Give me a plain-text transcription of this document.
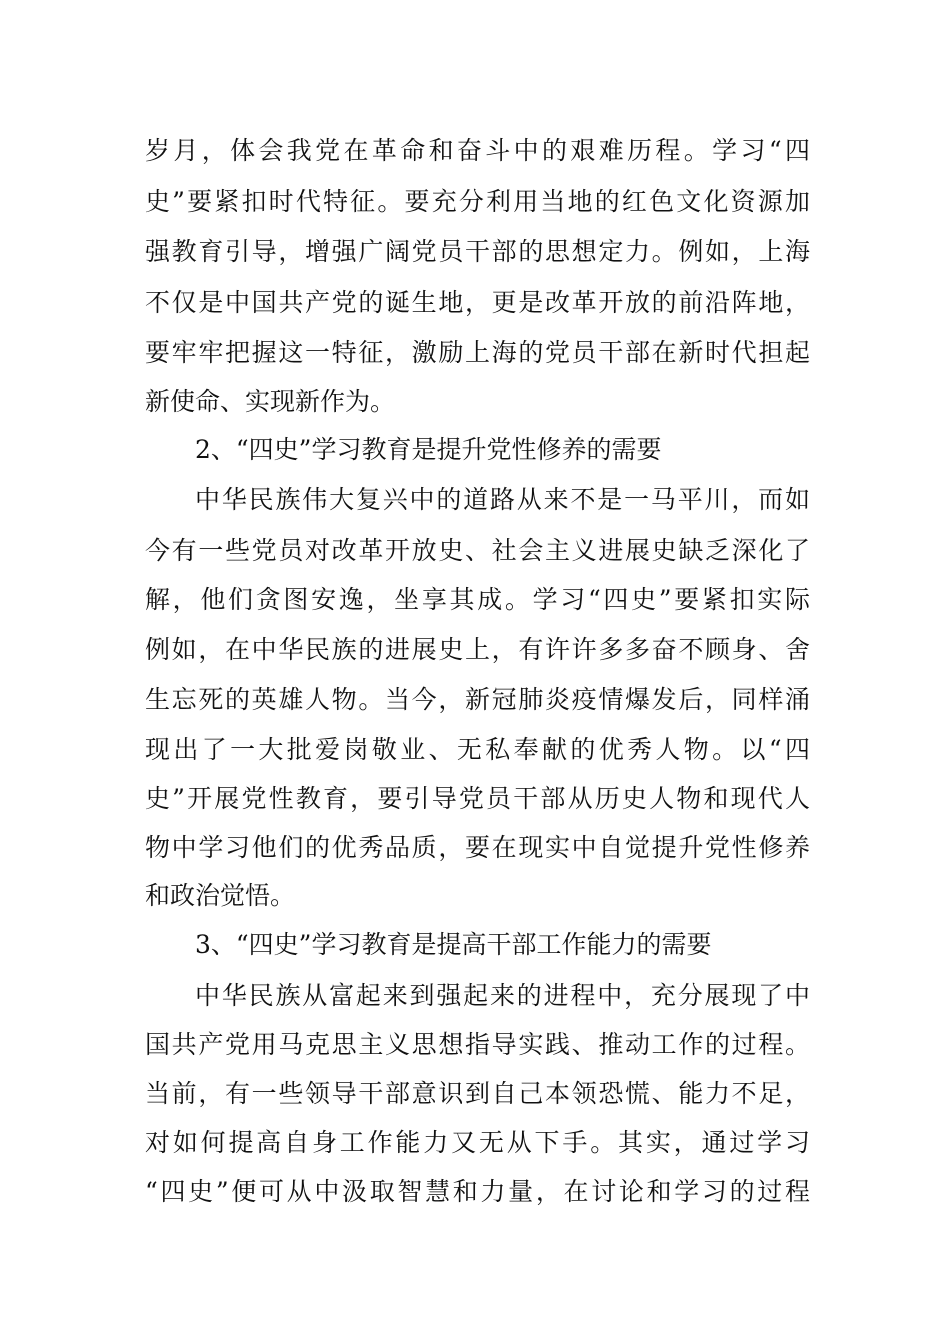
岁月，体会我党在革命和奋斗中的艰难历程。学习“四
史”要紧扣时代特征。要充分利用当地的红色文化资源加
强教育引导，增强广阔党员干部的思想定力。例如，上海
不仅是中国共产党的诞生地，更是改革开放的前沿阵地，
要牢牢把握这一特征，激励上海的党员干部在新时代担起
新使命、实现新作为。
2、“四史”学习教育是提升党性修养的需要
中华民族伟大复兴中的道路从来不是一马平川，而如
今有一些党员对改革开放史、社会主义进展史缺乏深化了
解，他们贪图安逸，坐享其成。学习“四史”要紧扣实际
例如，在中华民族的进展史上，有许许多多奋不顾身、舍
生忘死的英雄人物。当今，新冠肺炎疫情爆发后，同样涌
现出了一大批爱岗敬业、无私奉献的优秀人物。以“四
史”开展党性教育，要引导党员干部从历史人物和现代人
物中学习他们的优秀品质，要在现实中自觉提升党性修养
和政治觉悟。
3、“四史”学习教育是提高干部工作能力的需要
中华民族从富起来到强起来的进程中，充分展现了中
国共产党用马克思主义思想指导实践、推动工作的过程。
当前，有一些领导干部意识到自己本领恐慌、能力不足，
对如何提高自身工作能力又无从下手。其实，通过学习
“四史”便可从中汲取智慧和力量，在讨论和学习的过程
